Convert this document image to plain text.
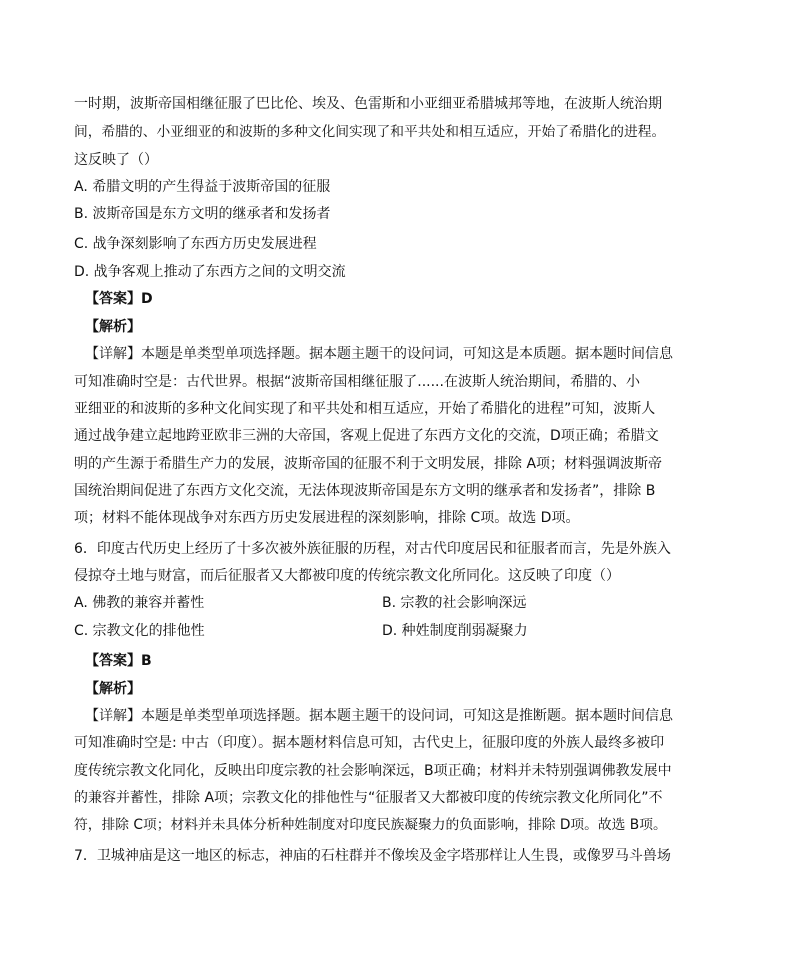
一时期，波斯帝国相继征服了巴比伦、埃及、色雷斯和小亚细亚希腊城邦等地，在波斯人统治期
间，希腊的、小亚细亚的和波斯的多种文化间实现了和平共处和相互适应，开始了希腊化的进程。
这反映了（）
A. 希腊文明的产生得益于波斯帝国的征服
B. 波斯帝国是东方文明的继承者和发扬者
C. 战争深刻影响了东西方历史发展进程
D. 战争客观上推动了东西方之间的文明交流
【答案】D
【解析】
【详解】本题是单类型单项选择题。据本题主题干的设问词，可知这是本质题。据本题时间信息
可知准确时空是：古代世界。根据“波斯帝国相继征服了......在波斯人统治期间，希腊的、小
亚细亚的和波斯的多种文化间实现了和平共处和相互适应，开始了希腊化的进程”可知，波斯人
通过战争建立起地跨亚欧非三洲的大帝国，客观上促进了东西方文化的交流，D项正确；希腊文
明的产生源于希腊生产力的发展，波斯帝国的征服不利于文明发展，排除 A项；材料强调波斯帝
国统治期间促进了东西方文化交流，无法体现波斯帝国是东方文明的继承者和发扬者”，排除 B
项；材料不能体现战争对东西方历史发展进程的深刻影响，排除 C项。故选 D项。
6．印度古代历史上经历了十多次被外族征服的历程，对古代印度居民和征服者而言，先是外族入
侵掠夺土地与财富，而后征服者又大都被印度的传统宗教文化所同化。这反映了印度（）
A. 佛教的兼容并蓄性	B. 宗教的社会影响深远
C. 宗教文化的排他性	D. 种姓制度削弱凝聚力
【答案】B
【解析】
【详解】本题是单类型单项选择题。据本题主题干的设问词，可知这是推断题。据本题时间信息
可知准确时空是: 中古（印度）。据本题材料信息可知，古代史上，征服印度的外族人最终多被印
度传统宗教文化同化，反映出印度宗教的社会影响深远，B项正确；材料并未特别强调佛教发展中
的兼容并蓄性，排除 A项；宗教文化的排他性与“征服者又大都被印度的传统宗教文化所同化”不
符，排除 C项；材料并未具体分析种姓制度对印度民族凝聚力的负面影响，排除 D项。故选 B项。
7．卫城神庙是这一地区的标志，神庙的石柱群并不像埃及金字塔那样让人生畏，或像罗马斗兽场
